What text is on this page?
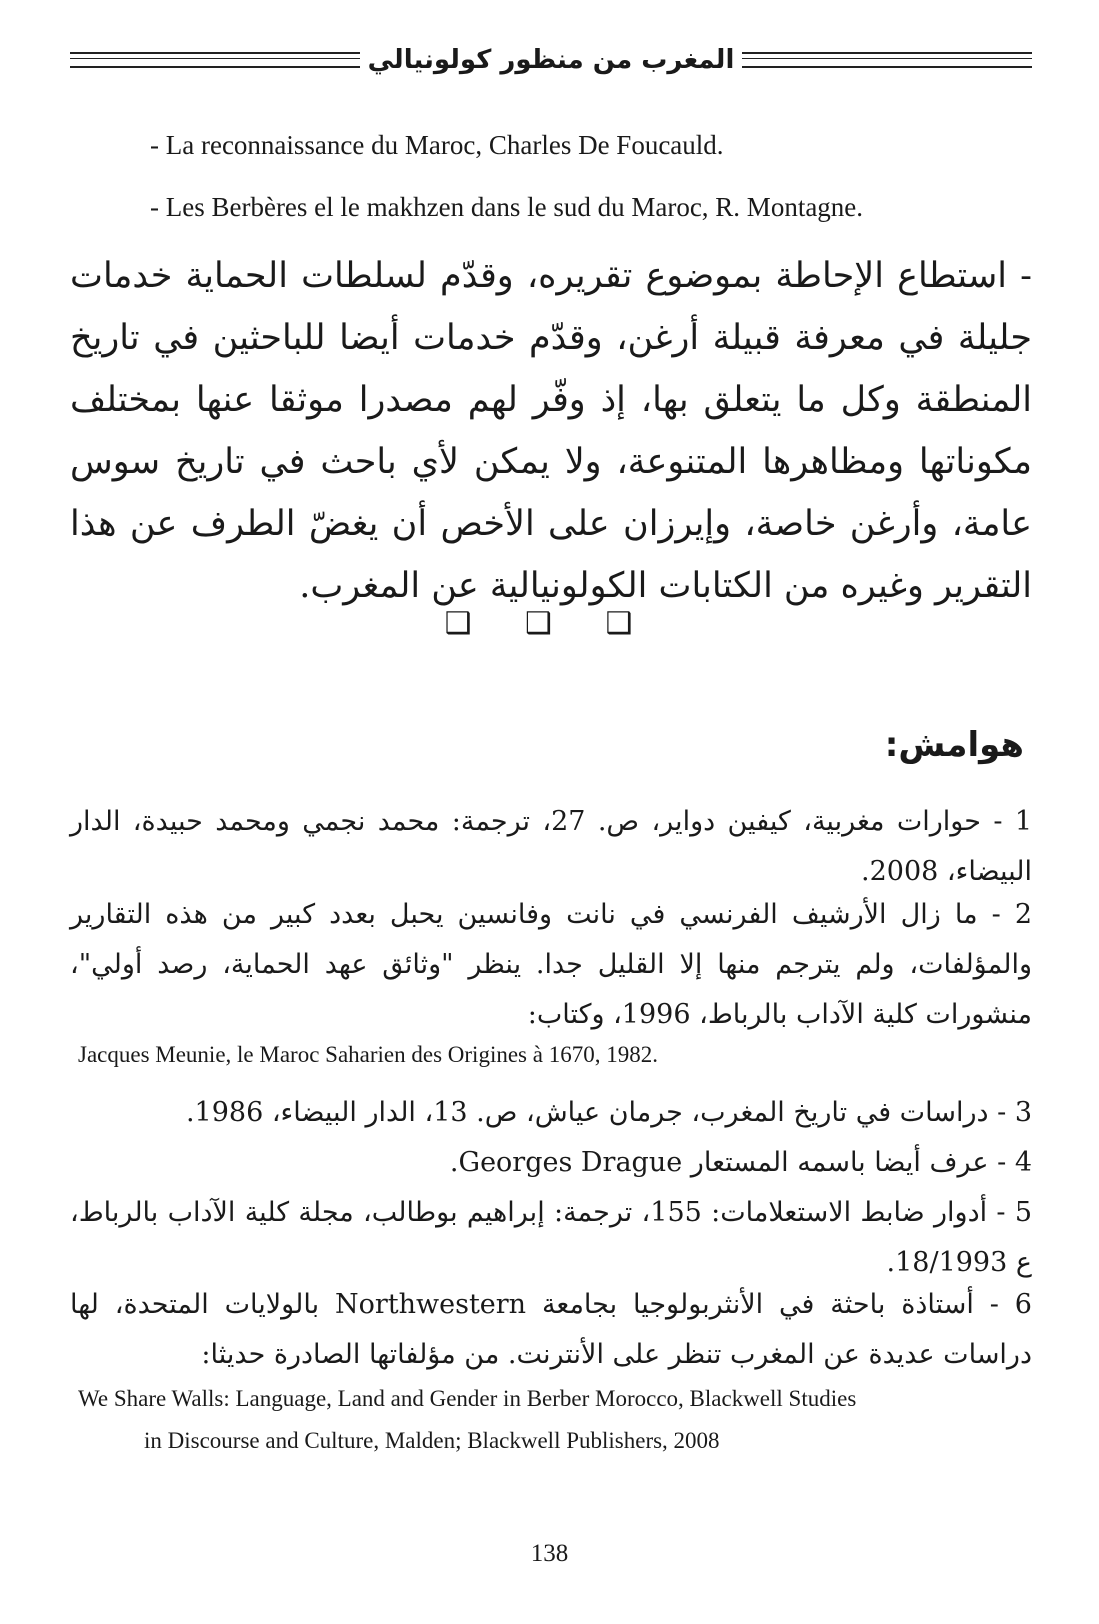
المغرب من منظور كولونيالي
- La reconnaissance du Maroc, Charles De Foucauld.
- Les Berbères el le makhzen dans le sud du Maroc, R. Montagne.
- استطاع الإحاطة بموضوع تقريره، وقدّم لسلطات الحماية خدمات جليلة في معرفة قبيلة أرغن، وقدّم خدمات أيضا للباحثين في تاريخ المنطقة وكل ما يتعلق بها، إذ وفّر لهم مصدرا موثقا عنها بمختلف مكوناتها ومظاهرها المتنوعة، ولا يمكن لأي باحث في تاريخ سوس عامة، وأرغن خاصة، وإيرزان على الأخص أن يغضّ الطرف عن هذا التقرير وغيره من الكتابات الكولونيالية عن المغرب.
❑ ❑ ❑
هوامش:
1 - حوارات مغربية، كيفين دواير، ص. 27، ترجمة: محمد نجمي ومحمد حبيدة، الدار البيضاء، 2008.
2 - ما زال الأرشيف الفرنسي في نانت وفانسين يحبل بعدد كبير من هذه التقارير والمؤلفات، ولم يترجم منها إلا القليل جدا. ينظر "وثائق عهد الحماية، رصد أولي"، منشورات كلية الآداب بالرباط، 1996، وكتاب:
Jacques Meunie, le Maroc Saharien des Origines à 1670, 1982.
3 - دراسات في تاريخ المغرب، جرمان عياش، ص. 13، الدار البيضاء، 1986.
4 - عرف أيضا باسمه المستعار Georges Drague.
5 - أدوار ضابط الاستعلامات: 155، ترجمة: إبراهيم بوطالب، مجلة كلية الآداب بالرباط، ع 18/1993.
6 - أستاذة باحثة في الأنثربولوجيا بجامعة Northwestern بالولايات المتحدة، لها دراسات عديدة عن المغرب تنظر على الأنترنت. من مؤلفاتها الصادرة حديثا:
We Share Walls: Language, Land and Gender in Berber Morocco, Blackwell Studies
in Discourse and Culture, Malden; Blackwell Publishers, 2008
138
